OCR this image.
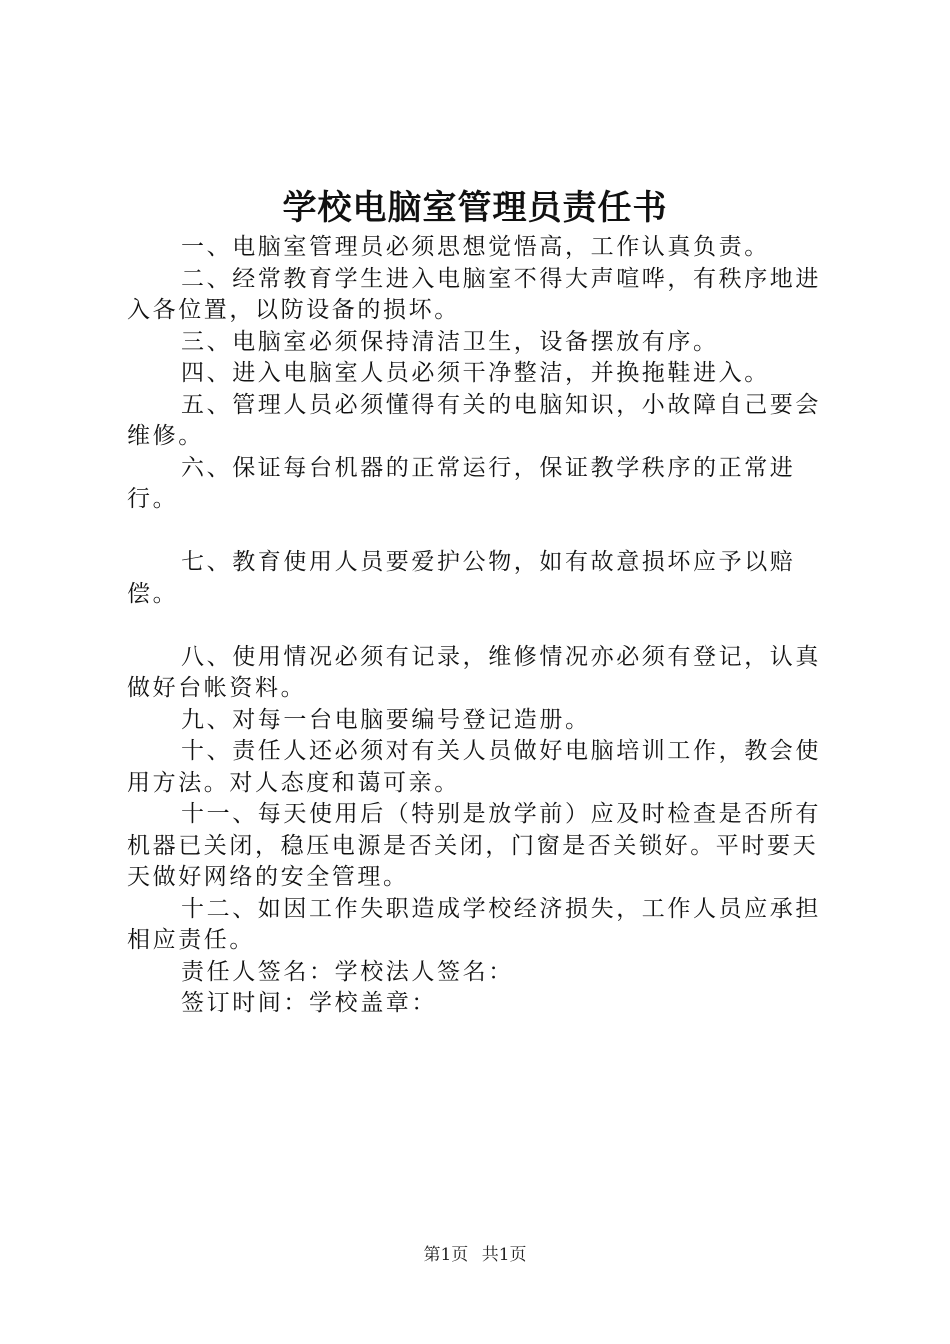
学校电脑室管理员责任书

一、电脑室管理员必须思想觉悟高，工作认真负责。

二、经常教育学生进入电脑室不得大声喧哗，有秩序地进入各位置，以防设备的损坏。

三、电脑室必须保持清洁卫生，设备摆放有序。

四、进入电脑室人员必须干净整洁，并换拖鞋进入。

五、管理人员必须懂得有关的电脑知识，小故障自己要会维修。

六、保证每台机器的正常运行，保证教学秩序的正常进行。

七、教育使用人员要爱护公物，如有故意损坏应予以赔偿。

八、使用情况必须有记录，维修情况亦必须有登记，认真做好台帐资料。

九、对每一台电脑要编号登记造册。

十、责任人还必须对有关人员做好电脑培训工作，教会使用方法。对人态度和蔼可亲。

十一、每天使用后（特别是放学前）应及时检查是否所有机器已关闭，稳压电源是否关闭，门窗是否关锁好。平时要天天做好网络的安全管理。

十二、如因工作失职造成学校经济损失，工作人员应承担相应责任。

责任人签名：学校法人签名：

签订时间：学校盖章：

第1页 共1页
